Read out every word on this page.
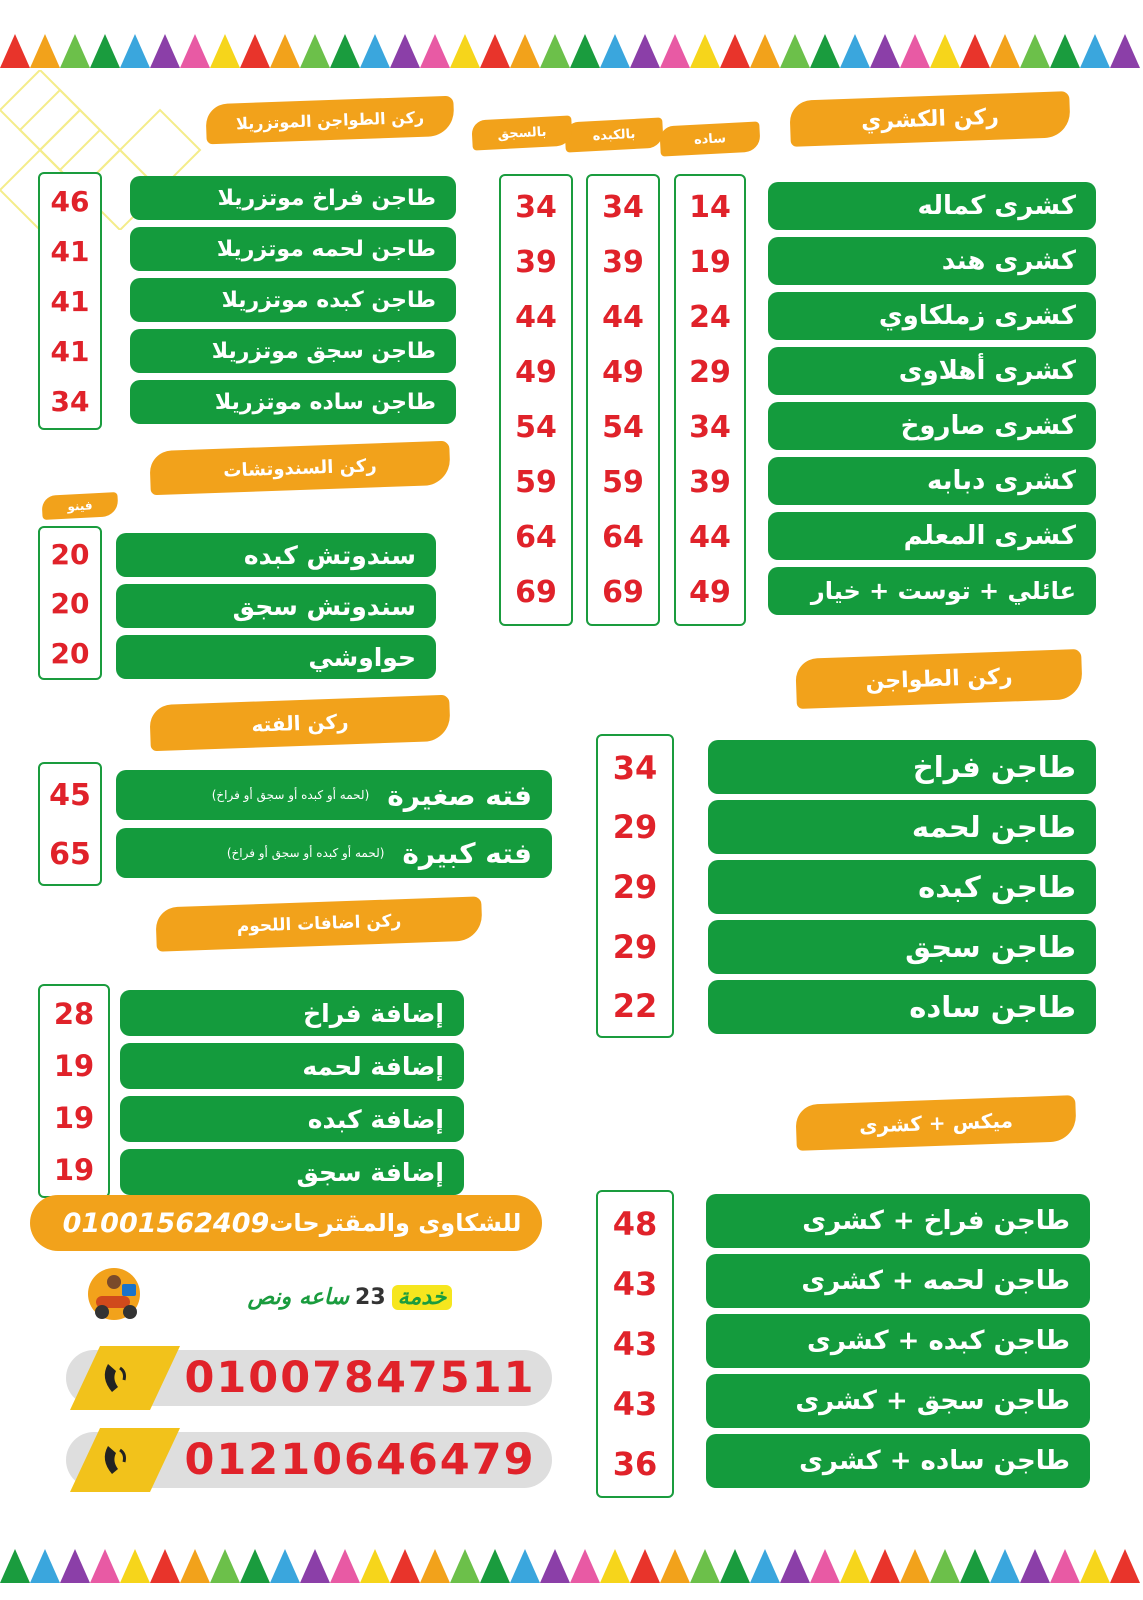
ركن الكشري
ساده
بالكبده
بالسجق
كشرى كماله
كشرى هند
كشرى زملكاوي
كشرى أهلاوى
كشرى صاروخ
كشرى دبابه
كشرى المعلم
عائلي + توست + خيار
14
19
24
29
34
39
44
49
34
39
44
49
54
59
64
69
34
39
44
49
54
59
64
69
ركن الطواجن الموتزريلا
طاجن فراخ موتزريلا
طاجن لحمه موتزريلا
طاجن كبده موتزريلا
طاجن سجق موتزريلا
طاجن ساده موتزريلا
46
41
41
41
34
ركن السندوتشات
فينو
سندوتش كبده
سندوتش سجق
حواوشي
20
20
20
ركن الفته
فته صغيرة
(لحمه أو كبده أو سجق أو فراخ)
فته كبيرة
(لحمه أو كبده أو سجق أو فراخ)
45
65
ركن اضافات اللحوم
إضافة فراخ
إضافة لحمه
إضافة كبده
إضافة سجق
28
19
19
19
ركن الطواجن
طاجن فراخ
طاجن لحمه
طاجن كبده
طاجن سجق
طاجن ساده
34
29
29
29
22
ميكس + كشرى
طاجن فراخ + كشرى
طاجن لحمه + كشرى
طاجن كبده + كشرى
طاجن سجق + كشرى
طاجن ساده + كشرى
48
43
43
43
36
للشكاوى والمقترحات
01001562409
خدمة
23
ساعه ونص
01007847511
01210646479
